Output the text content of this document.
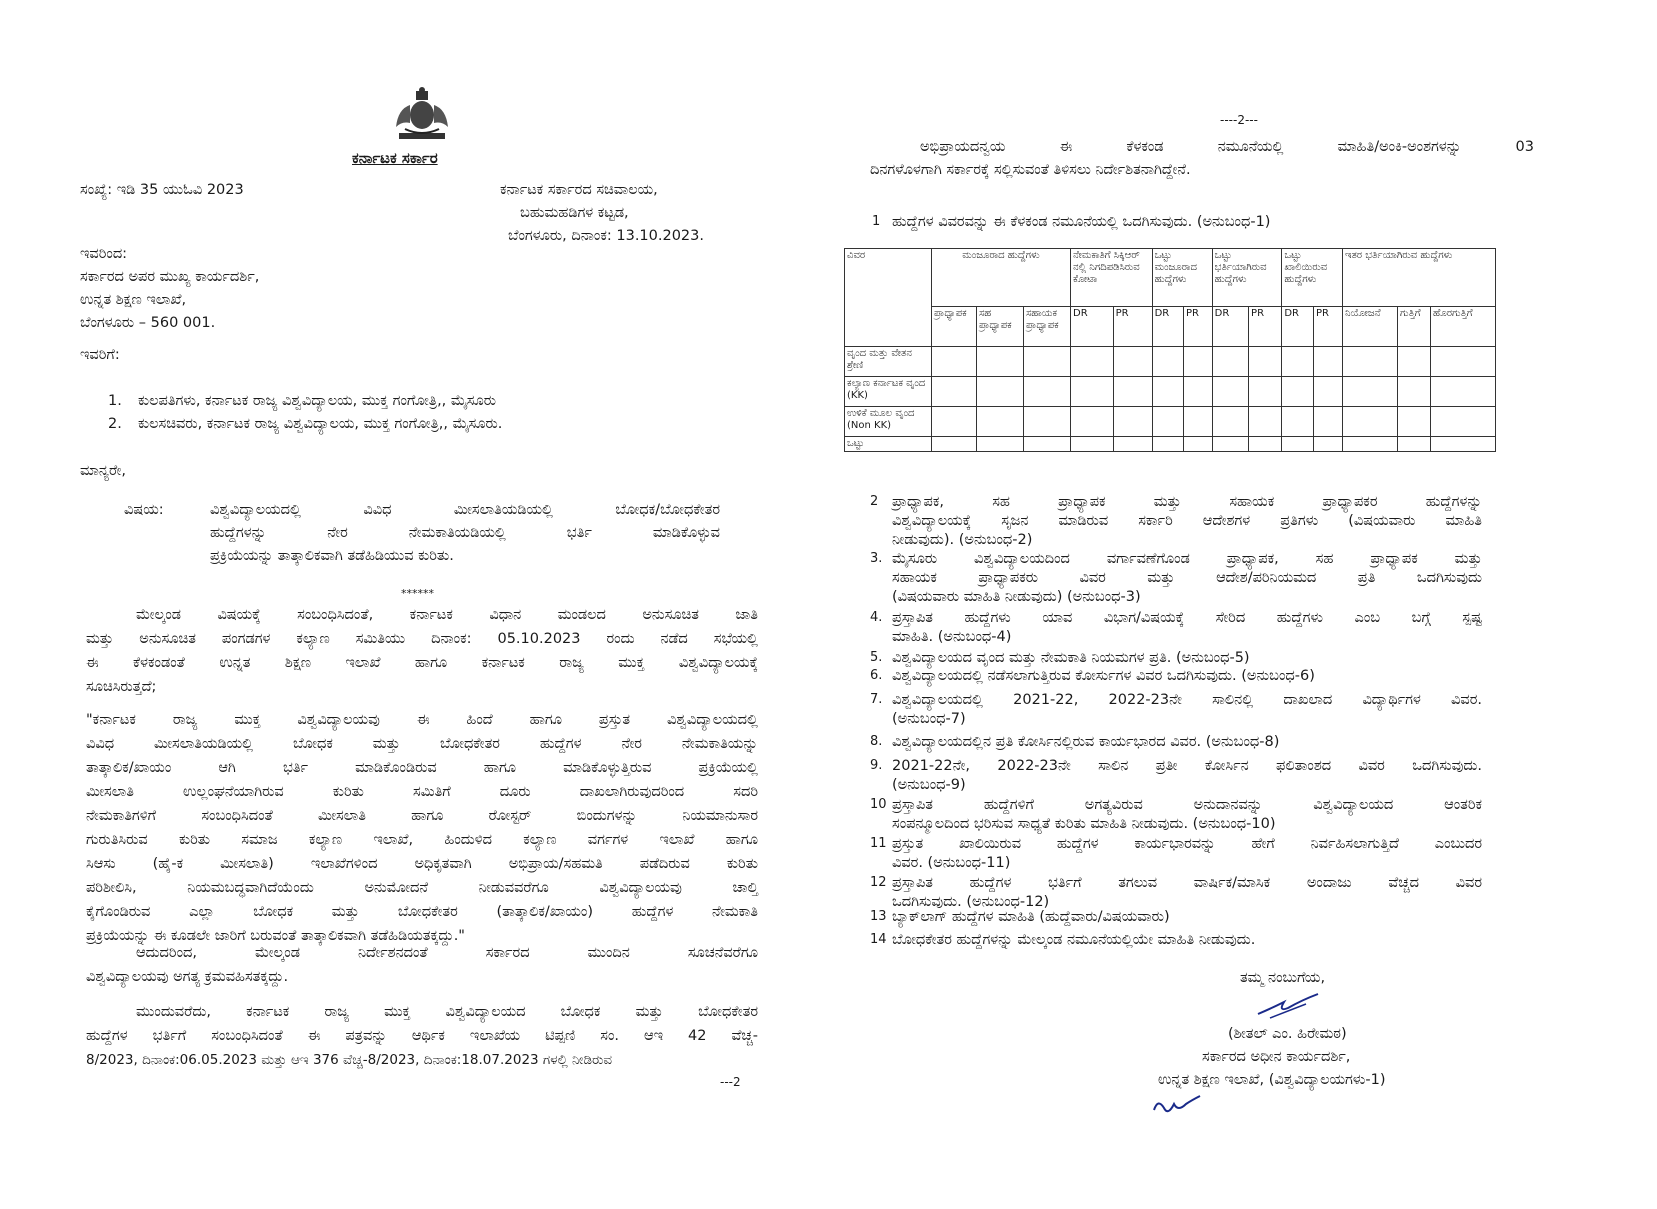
ಕರ್ನಾಟಕ ಸರ್ಕಾರ
ಸಂಖ್ಯೆ: ಇಡಿ 35 ಯುಓವಿ 2023	ಕರ್ನಾಟಕ ಸರ್ಕಾರದ ಸಚಿವಾಲಯ,
ಬಹುಮಹಡಿಗಳ ಕಟ್ಟಡ,
ಬೆಂಗಳೂರು, ದಿನಾಂಕ: 13.10.2023.
ಇವರಿಂದ:
ಸರ್ಕಾರದ ಅಪರ ಮುಖ್ಯ ಕಾರ್ಯದರ್ಶಿ,
ಉನ್ನತ ಶಿಕ್ಷಣ ಇಲಾಖೆ,
ಬೆಂಗಳೂರು – 560 001.
ಇವರಿಗೆ:
1. ಕುಲಪತಿಗಳು, ಕರ್ನಾಟಕ ರಾಜ್ಯ ವಿಶ್ವವಿದ್ಯಾಲಯ, ಮುಕ್ತ ಗಂಗೋತ್ರಿ,, ಮೈಸೂರು
2. ಕುಲಸಚಿವರು, ಕರ್ನಾಟಕ ರಾಜ್ಯ ವಿಶ್ವವಿದ್ಯಾಲಯ, ಮುಕ್ತ ಗಂಗೋತ್ರಿ,, ಮೈಸೂರು.
ಮಾನ್ಯರೇ,
ವಿಷಯ:	ವಿಶ್ವವಿದ್ಯಾಲಯದಲ್ಲಿ ವಿವಿಧ ಮೀಸಲಾತಿಯಡಿಯಲ್ಲಿ ಬೋಧಕ/ಬೋಧಕೇತರ
ಹುದ್ದೆಗಳನ್ನು ನೇರ ನೇಮಕಾತಿಯಡಿಯಲ್ಲಿ ಭರ್ತಿ ಮಾಡಿಕೊಳ್ಳುವ
ಪ್ರಕ್ರಿಯೆಯನ್ನು ತಾತ್ಕಾಲಿಕವಾಗಿ ತಡೆಹಿಡಿಯುವ ಕುರಿತು.
******
ಮೇಲ್ಕಂಡ ವಿಷಯಕ್ಕೆ ಸಂಬಂಧಿಸಿದಂತೆ, ಕರ್ನಾಟಕ ವಿಧಾನ ಮಂಡಲದ ಅನುಸೂಚಿತ ಜಾತಿ
ಮತ್ತು ಅನುಸೂಚಿತ ಪಂಗಡಗಳ ಕಲ್ಯಾಣ ಸಮಿತಿಯು ದಿನಾಂಕ: 05.10.2023 ರಂದು ನಡೆದ ಸಭೆಯಲ್ಲಿ
ಈ ಕೆಳಕಂಡಂತೆ ಉನ್ನತ ಶಿಕ್ಷಣ ಇಲಾಖೆ ಹಾಗೂ ಕರ್ನಾಟಕ ರಾಜ್ಯ ಮುಕ್ತ ವಿಶ್ವವಿದ್ಯಾಲಯಕ್ಕೆ
ಸೂಚಿಸಿರುತ್ತದೆ;
"ಕರ್ನಾಟಕ ರಾಜ್ಯ ಮುಕ್ತ ವಿಶ್ವವಿದ್ಯಾಲಯವು ಈ ಹಿಂದೆ ಹಾಗೂ ಪ್ರಸ್ತುತ ವಿಶ್ವವಿದ್ಯಾಲಯದಲ್ಲಿ
ವಿವಿಧ ಮೀಸಲಾತಿಯಡಿಯಲ್ಲಿ ಬೋಧಕ ಮತ್ತು ಬೋಧಕೇತರ ಹುದ್ದೆಗಳ ನೇರ ನೇಮಕಾತಿಯನ್ನು
ತಾತ್ಕಾಲಿಕ/ಖಾಯಂ ಆಗಿ ಭರ್ತಿ ಮಾಡಿಕೊಂಡಿರುವ ಹಾಗೂ ಮಾಡಿಕೊಳ್ಳುತ್ತಿರುವ ಪ್ರಕ್ರಿಯೆಯಲ್ಲಿ
ಮೀಸಲಾತಿ ಉಲ್ಲಂಘನೆಯಾಗಿರುವ ಕುರಿತು ಸಮಿತಿಗೆ ದೂರು ದಾಖಲಾಗಿರುವುದರಿಂದ ಸದರಿ
ನೇಮಕಾತಿಗಳಿಗೆ ಸಂಬಂಧಿಸಿದಂತೆ ಮೀಸಲಾತಿ ಹಾಗೂ ರೋಸ್ಟರ್ ಬಿಂದುಗಳನ್ನು ನಿಯಮಾನುಸಾರ
ಗುರುತಿಸಿರುವ ಕುರಿತು ಸಮಾಜ ಕಲ್ಯಾಣ ಇಲಾಖೆ, ಹಿಂದುಳಿದ ಕಲ್ಯಾಣ ವರ್ಗಗಳ ಇಲಾಖೆ ಹಾಗೂ
ಸಿಆಸು (ಹೈ-ಕ ಮೀಸಲಾತಿ) ಇಲಾಖೆಗಳಿಂದ ಅಧಿಕೃತವಾಗಿ ಅಭಿಪ್ರಾಯ/ಸಹಮತಿ ಪಡೆದಿರುವ ಕುರಿತು
ಪರಿಶೀಲಿಸಿ, ನಿಯಮಬದ್ಧವಾಗಿದೆಯೆಂದು ಅನುಮೋದನೆ ನೀಡುವವರೆಗೂ ವಿಶ್ವವಿದ್ಯಾಲಯವು ಚಾಲ್ತಿ
ಕೈಗೊಂಡಿರುವ ಎಲ್ಲಾ ಬೋಧಕ ಮತ್ತು ಬೋಧಕೇತರ (ತಾತ್ಕಾಲಿಕ/ಖಾಯಂ) ಹುದ್ದೆಗಳ ನೇಮಕಾತಿ
ಪ್ರಕ್ರಿಯೆಯನ್ನು ಈ ಕೂಡಲೇ ಜಾರಿಗೆ ಬರುವಂತೆ ತಾತ್ಕಾಲಿಕವಾಗಿ ತಡೆಹಿಡಿಯತಕ್ಕದ್ದು."
ಆದುದರಿಂದ, ಮೇಲ್ಕಂಡ ನಿರ್ದೇಶನದಂತೆ ಸರ್ಕಾರದ ಮುಂದಿನ ಸೂಚನೆವರೆಗೂ
ವಿಶ್ವವಿದ್ಯಾಲಯವು ಅಗತ್ಯ ಕ್ರಮವಹಿಸತಕ್ಕದ್ದು.
ಮುಂದುವರೆದು, ಕರ್ನಾಟಕ ರಾಜ್ಯ ಮುಕ್ತ ವಿಶ್ವವಿದ್ಯಾಲಯದ ಬೋಧಕ ಮತ್ತು ಬೋಧಕೇತರ
ಹುದ್ದೆಗಳ ಭರ್ತಿಗೆ ಸಂಬಂಧಿಸಿದಂತೆ ಈ ಪತ್ರವನ್ನು ಆರ್ಥಿಕ ಇಲಾಖೆಯ ಟಿಪ್ಪಣಿ ಸಂ. ಆಇ 42 ವೆಚ್ಚ-
8/2023, ದಿನಾಂಕ:06.05.2023 ಮತ್ತು ಆಇ 376 ವೆಚ್ಚ-8/2023, ದಿನಾಂಕ:18.07.2023 ಗಳಲ್ಲಿ ನೀಡಿರುವ
---2
----2---
ಅಭಿಪ್ರಾಯದನ್ವಯ ಈ ಕೆಳಕಂಡ ನಮೂನೆಯಲ್ಲಿ ಮಾಹಿತಿ/ಅಂಕಿ-ಅಂಶಗಳನ್ನು 03
ದಿನಗಳೊಳಗಾಗಿ ಸರ್ಕಾರಕ್ಕೆ ಸಲ್ಲಿಸುವಂತೆ ತಿಳಿಸಲು ನಿರ್ದೇಶಿತನಾಗಿದ್ದೇನೆ.
1 ಹುದ್ದೆಗಳ ವಿವರವನ್ನು ಈ ಕೆಳಕಂಡ ನಮೂನೆಯಲ್ಲಿ ಒದಗಿಸುವುದು. (ಅನುಬಂಧ-1)
ವಿವರ	ಮಂಜೂರಾದ ಹುದ್ದೆಗಳು			ನೇಮಕಾತಿಗೆ ಸಿಕ್ಕಿಆರ್ ನಲ್ಲಿ ನಿಗದಿಪಡಿಸಿರುವ ಕೋಟಾ		ಒಟ್ಟು ಮಂಜೂರಾದ ಹುದ್ದೆಗಳು		ಒಟ್ಟು ಭರ್ತಿಯಾಗಿರುವ ಹುದ್ದೆಗಳು		ಒಟ್ಟು ಖಾಲಿಯಿರುವ ಹುದ್ದೆಗಳು		ಇತರ ಭರ್ತಿಯಾಗಿರುವ ಹುದ್ದೆಗಳು		
	ಪ್ರಾಧ್ಯಾಪಕ	ಸಹ ಪ್ರಾಧ್ಯಾಪಕ	ಸಹಾಯಕ ಪ್ರಾಧ್ಯಾಪಕ	DR	PR	DR	PR	DR	PR	DR	PR	ನಿಯೋಜನೆ	ಗುತ್ತಿಗೆ	ಹೊರಗುತ್ತಿಗೆ
ವೃಂದ ಮತ್ತು ವೇತನ ಶ್ರೇಣಿ														
ಕಲ್ಯಾಣ ಕರ್ನಾಟಕ ವೃಂದ (KK)														
ಉಳಿಕೆ ಮೂಲ ವೃಂದ (Non KK)														
ಒಟ್ಟು														
2 ಪ್ರಾಧ್ಯಾಪಕ, ಸಹ ಪ್ರಾಧ್ಯಾಪಕ ಮತ್ತು ಸಹಾಯಕ ಪ್ರಾಧ್ಯಾಪಕರ ಹುದ್ದೆಗಳನ್ನು
ವಿಶ್ವವಿದ್ಯಾಲಯಕ್ಕೆ ಸೃಜನ ಮಾಡಿರುವ ಸರ್ಕಾರಿ ಆದೇಶಗಳ ಪ್ರತಿಗಳು (ವಿಷಯವಾರು ಮಾಹಿತಿ
ನೀಡುವುದು). (ಅನುಬಂಧ-2)
3. ಮೈಸೂರು ವಿಶ್ವವಿದ್ಯಾಲಯದಿಂದ ವರ್ಗಾವಣೆಗೊಂಡ ಪ್ರಾಧ್ಯಾಪಕ, ಸಹ ಪ್ರಾಧ್ಯಾಪಕ ಮತ್ತು
ಸಹಾಯಕ ಪ್ರಾಧ್ಯಾಪಕರು ವಿವರ ಮತ್ತು ಆದೇಶ/ಪರಿನಿಯಮದ ಪ್ರತಿ ಒದಗಿಸುವುದು
(ವಿಷಯವಾರು ಮಾಹಿತಿ ನೀಡುವುದು) (ಅನುಬಂಧ-3)
4. ಪ್ರಸ್ತಾಪಿತ ಹುದ್ದೆಗಳು ಯಾವ ವಿಭಾಗ/ವಿಷಯಕ್ಕೆ ಸೇರಿದ ಹುದ್ದೆಗಳು ಎಂಬ ಬಗ್ಗೆ ಸ್ಪಷ್ಟ
ಮಾಹಿತಿ. (ಅನುಬಂಧ-4)
5. ವಿಶ್ವವಿದ್ಯಾಲಯದ ವೃಂದ ಮತ್ತು ನೇಮಕಾತಿ ನಿಯಮಗಳ ಪ್ರತಿ. (ಅನುಬಂಧ-5)
6. ವಿಶ್ವವಿದ್ಯಾಲಯದಲ್ಲಿ ನಡೆಸಲಾಗುತ್ತಿರುವ ಕೋರ್ಸುಗಳ ವಿವರ ಒದಗಿಸುವುದು. (ಅನುಬಂಧ-6)
7. ವಿಶ್ವವಿದ್ಯಾಲಯದಲ್ಲಿ 2021-22, 2022-23ನೇ ಸಾಲಿನಲ್ಲಿ ದಾಖಲಾದ ವಿದ್ಯಾರ್ಥಿಗಳ ವಿವರ.
(ಅನುಬಂಧ-7)
8. ವಿಶ್ವವಿದ್ಯಾಲಯದಲ್ಲಿನ ಪ್ರತಿ ಕೋರ್ಸಿನಲ್ಲಿರುವ ಕಾರ್ಯಭಾರದ ವಿವರ. (ಅನುಬಂಧ-8)
9. 2021-22ನೇ, 2022-23ನೇ ಸಾಲಿನ ಪ್ರತೀ ಕೋರ್ಸಿನ ಫಲಿತಾಂಶದ ವಿವರ ಒದಗಿಸುವುದು.
(ಅನುಬಂಧ-9)
10 ಪ್ರಸ್ತಾಪಿತ ಹುದ್ದೆಗಳಿಗೆ ಅಗತ್ಯವಿರುವ ಅನುದಾನವನ್ನು ವಿಶ್ವವಿದ್ಯಾಲಯದ ಆಂತರಿಕ
ಸಂಪನ್ಮೂಲದಿಂದ ಭರಿಸುವ ಸಾಧ್ಯತೆ ಕುರಿತು ಮಾಹಿತಿ ನೀಡುವುದು. (ಅನುಬಂಧ-10)
11 ಪ್ರಸ್ತುತ ಖಾಲಿಯಿರುವ ಹುದ್ದೆಗಳ ಕಾರ್ಯಭಾರವನ್ನು ಹೇಗೆ ನಿರ್ವಹಿಸಲಾಗುತ್ತಿದೆ ಎಂಬುದರ
ವಿವರ. (ಅನುಬಂಧ-11)
12 ಪ್ರಸ್ತಾಪಿತ ಹುದ್ದೆಗಳ ಭರ್ತಿಗೆ ತಗಲುವ ವಾರ್ಷಿಕ/ಮಾಸಿಕ ಅಂದಾಜು ವೆಚ್ಚದ ವಿವರ
ಒದಗಿಸುವುದು. (ಅನುಬಂಧ-12)
13 ಬ್ಯಾಕ್‌ಲಾಗ್ ಹುದ್ದೆಗಳ ಮಾಹಿತಿ (ಹುದ್ದೆವಾರು/ವಿಷಯವಾರು)
14 ಬೋಧಕೇತರ ಹುದ್ದೆಗಳನ್ನು ಮೇಲ್ಕಂಡ ನಮೂನೆಯಲ್ಲಿಯೇ ಮಾಹಿತಿ ನೀಡುವುದು.
ತಮ್ಮ ನಂಬುಗೆಯ,
(ಶೀತಲ್ ಎಂ. ಹಿರೇಮಠ)
ಸರ್ಕಾರದ ಅಧೀನ ಕಾರ್ಯದರ್ಶಿ,
ಉನ್ನತ ಶಿಕ್ಷಣ ಇಲಾಖೆ, (ವಿಶ್ವವಿದ್ಯಾಲಯಗಳು-1)
